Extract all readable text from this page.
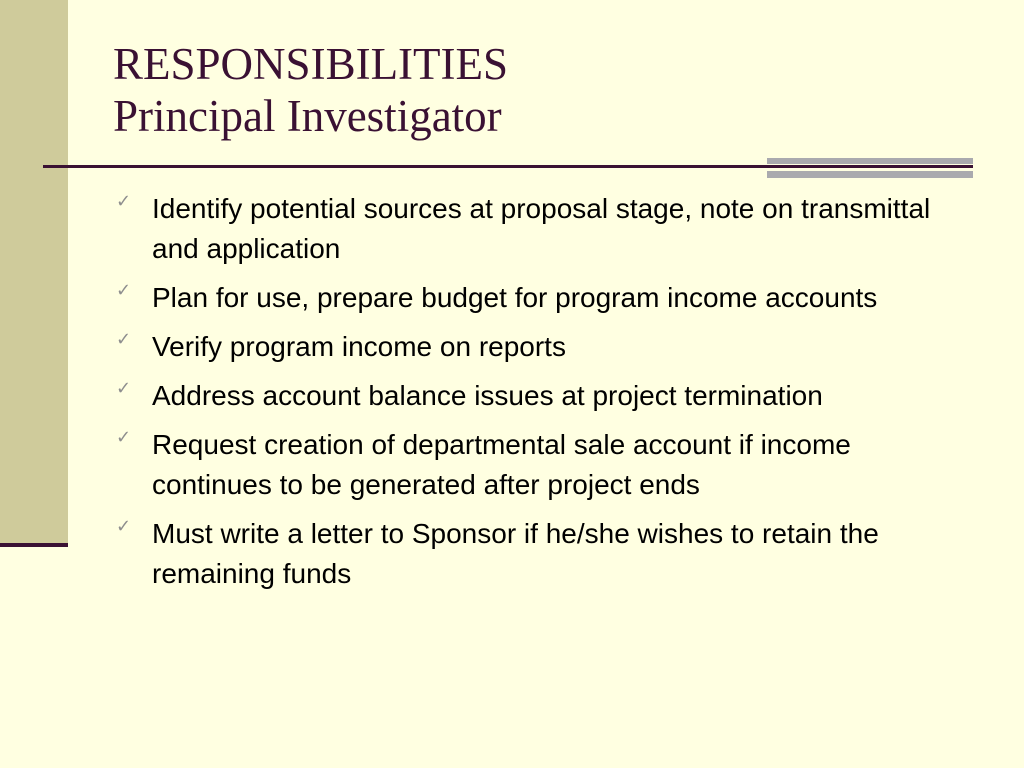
RESPONSIBILITIES
Principal Investigator
✓ Identify potential sources at proposal stage, note on transmittal and application
✓ Plan for use, prepare budget for program income accounts
✓ Verify program income on reports
✓ Address account balance issues at project termination
✓ Request creation of departmental sale account if income continues to be generated after project ends
✓ Must write a letter to Sponsor if he/she wishes to retain the remaining funds
